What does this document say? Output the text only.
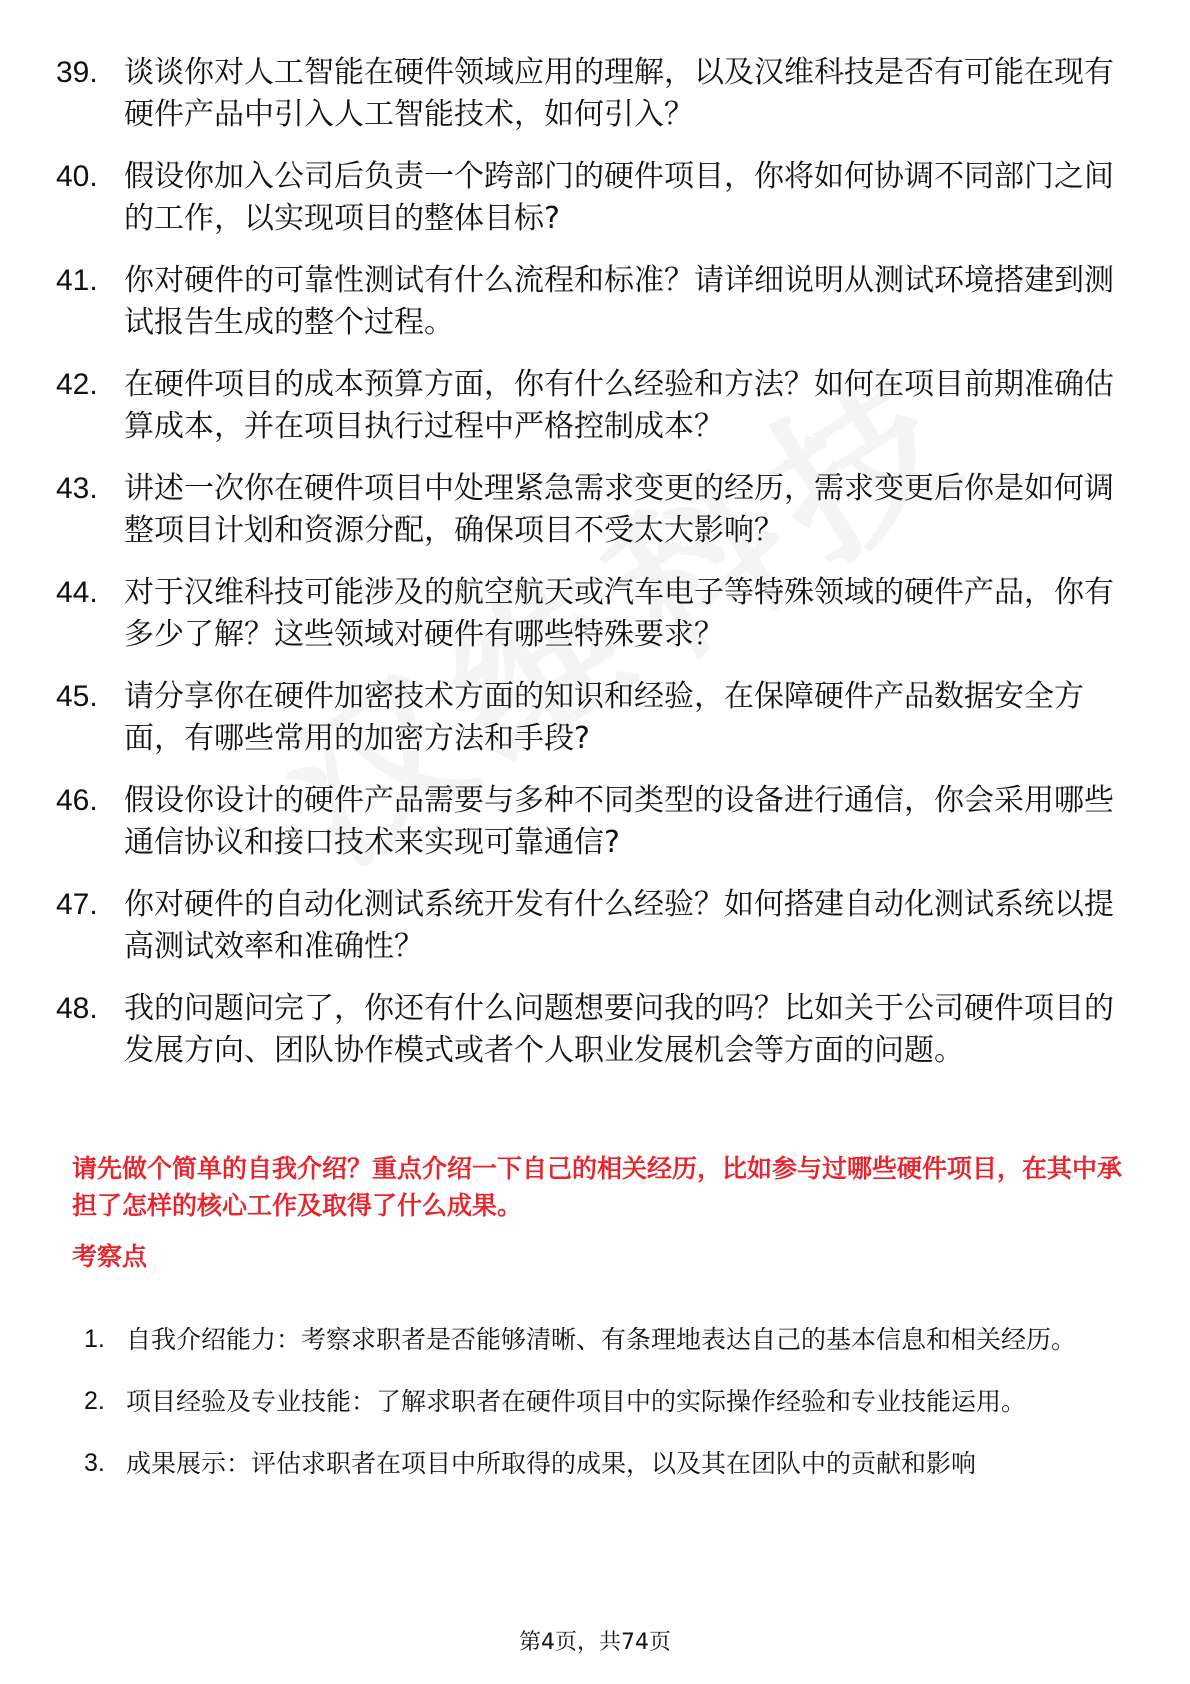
39. 谈谈你对人工智能在硬件领域应用的理解，以及汉维科技是否有可能在现有硬件产品中引入人工智能技术，如何引入？
40. 假设你加入公司后负责一个跨部门的硬件项目，你将如何协调不同部门之间的工作，以实现项目的整体目标?
41. 你对硬件的可靠性测试有什么流程和标准？请详细说明从测试环境搭建到测试报告生成的整个过程。
42. 在硬件项目的成本预算方面，你有什么经验和方法？如何在项目前期准确估算成本，并在项目执行过程中严格控制成本？
43. 讲述一次你在硬件项目中处理紧急需求变更的经历，需求变更后你是如何调整项目计划和资源分配，确保项目不受太大影响？
44. 对于汉维科技可能涉及的航空航天或汽车电子等特殊领域的硬件产品，你有多少了解？这些领域对硬件有哪些特殊要求？
45. 请分享你在硬件加密技术方面的知识和经验，在保障硬件产品数据安全方面，有哪些常用的加密方法和手段?
46. 假设你设计的硬件产品需要与多种不同类型的设备进行通信，你会采用哪些通信协议和接口技术来实现可靠通信?
47. 你对硬件的自动化测试系统开发有什么经验？如何搭建自动化测试系统以提高测试效率和准确性？
48. 我的问题问完了，你还有什么问题想要问我的吗？比如关于公司硬件项目的发展方向、团队协作模式或者个人职业发展机会等方面的问题。
请先做个简单的自我介绍？重点介绍一下自己的相关经历，比如参与过哪些硬件项目，在其中承担了怎样的核心工作及取得了什么成果。
考察点
1. 自我介绍能力：考察求职者是否能够清晰、有条理地表达自己的基本信息和相关经历。
2. 项目经验及专业技能：了解求职者在硬件项目中的实际操作经验和专业技能运用。
3. 成果展示：评估求职者在项目中所取得的成果，以及其在团队中的贡献和影响
第4页，共74页
